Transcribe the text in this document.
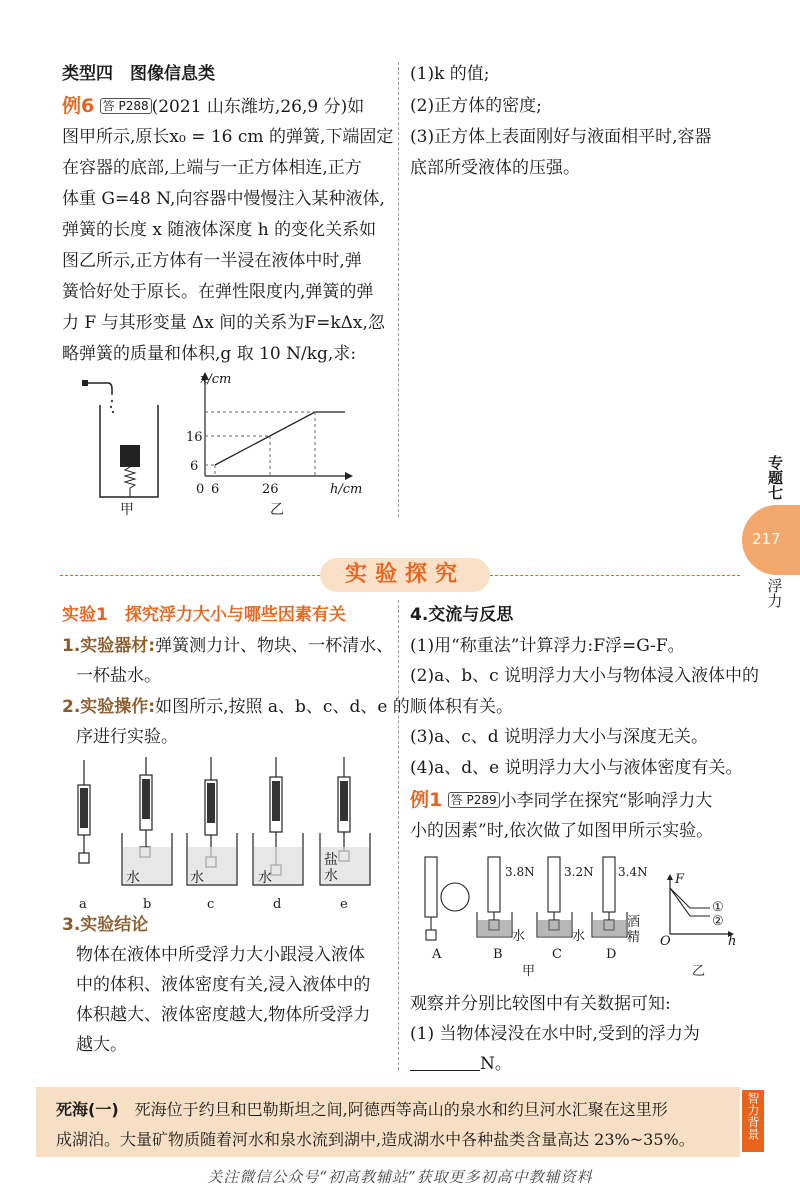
类型四　图像信息类
例6 答 P288 (2021 山东潍坊,26,9 分)如
图甲所示,原长x₀ = 16 cm 的弹簧,下端固定
在容器的底部,上端与一正方体相连,正方
体重 G=48 N,向容器中慢慢注入某种液体,
弹簧的长度 x 随液体深度 h 的变化关系如
图乙所示,正方体有一半浸在液体中时,弹
簧恰好处于原长。在弹性限度内,弹簧的弹
力 F 与其形变量 Δx 间的关系为F=kΔx,忽
略弹簧的质量和体积,g 取 10 N/kg,求:
甲
x/cm
16
6
0 6	26	h/cm
乙
(1)k 的值;
(2)正方体的密度;
(3)正方体上表面刚好与液面相平时,容器
底部所受液体的压强。
专题七
217
浮力
实验探究
实验1　探究浮力大小与哪些因素有关
1.实验器材:弹簧测力计、物块、一杯清水、
一杯盐水。
2.实验操作:如图所示,按照 a、b、c、d、e 的顺
序进行实验。
a	b	c	d	e
水	水	水
盐水
3.实验结论
物体在液体中所受浮力大小跟浸入液体
中的体积、液体密度有关,浸入液体中的
体积越大、液体密度越大,物体所受浮力
越大。
4.交流与反思
(1)用“称重法”计算浮力:F浮=G-F。
(2)a、b、c 说明浮力大小与物体浸入液体中的
体积有关。
(3)a、c、d 说明浮力大小与深度无关。
(4)a、d、e 说明浮力大小与液体密度有关。
例1 答 P289 小李同学在探究“影响浮力大
小的因素”时,依次做了如图甲所示实验。
3.8N 3.2N 3.4N
水	水
酒精
A	B	C	D
甲
F
O	h
①
②
乙
观察并分别比较图中有关数据可知:
(1) 当物体浸没在水中时,受到的浮力为
N。
死海(一) 死海位于约旦和巴勒斯坦之间,阿德西等高山的泉水和约旦河水汇聚在这里形
成湖泊。大量矿物质随着河水和泉水流到湖中,造成湖水中各种盐类含量高达 23%~35%。	智力背景
关注微信公众号“初高教辅站”获取更多初高中教辅资料
